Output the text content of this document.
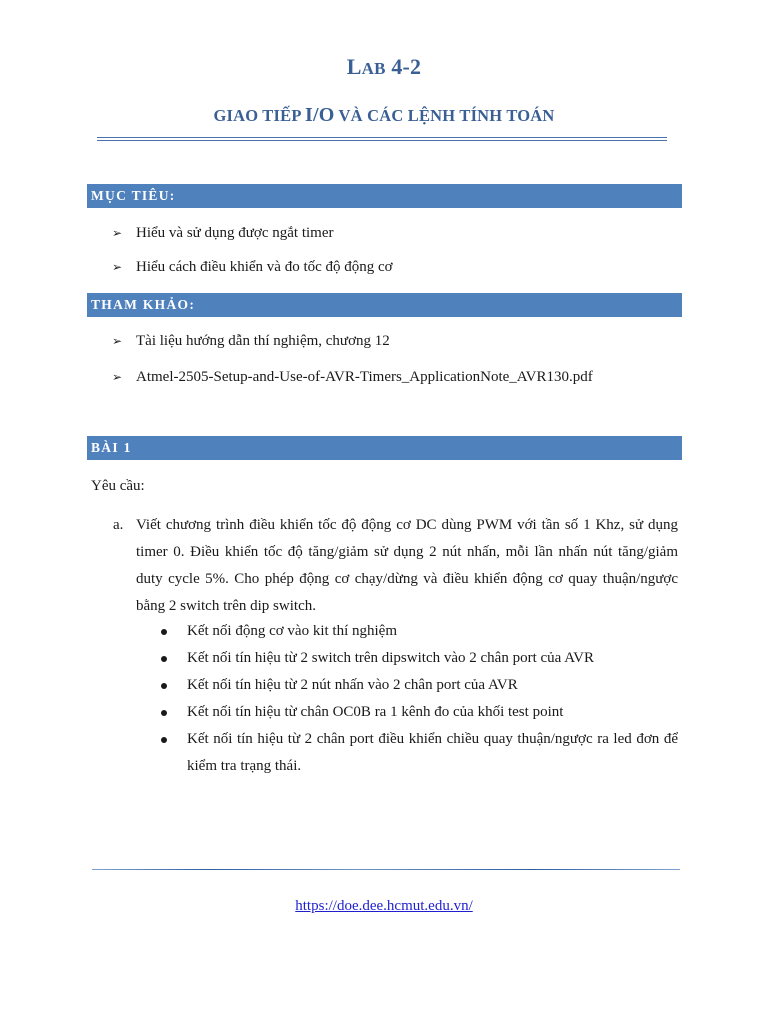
LAB 4-2
GIAO TIẾP I/O VÀ CÁC LỆNH TÍNH TOÁN
MỤC TIÊU:
➢ Hiểu và sử dụng được ngắt timer
➢ Hiểu cách điều khiển và đo tốc độ động cơ
THAM KHẢO:
➢ Tài liệu hướng dẫn thí nghiệm, chương 12
➢ Atmel-2505-Setup-and-Use-of-AVR-Timers_ApplicationNote_AVR130.pdf
BÀI 1
Yêu cầu:
a. Viết chương trình điều khiển tốc độ động cơ DC dùng PWM với tần số 1 Khz, sử dụng timer 0. Điều khiển tốc độ tăng/giảm sử dụng 2 nút nhấn, mỗi lần nhấn nút tăng/giảm duty cycle 5%. Cho phép động cơ chạy/dừng và điều khiển động cơ quay thuận/ngược bằng 2 switch trên dip switch.
Kết nối động cơ vào kit thí nghiệm
Kết nối tín hiệu từ 2 switch trên dipswitch vào 2 chân port của AVR
Kết nối tín hiệu từ 2 nút nhấn vào 2 chân port của AVR
Kết nối tín hiệu từ chân OC0B ra 1 kênh đo của khối test point
Kết nối tín hiệu từ 2 chân port điều khiển chiều quay thuận/ngược ra led đơn để kiểm tra trạng thái.
https://doe.dee.hcmut.edu.vn/
